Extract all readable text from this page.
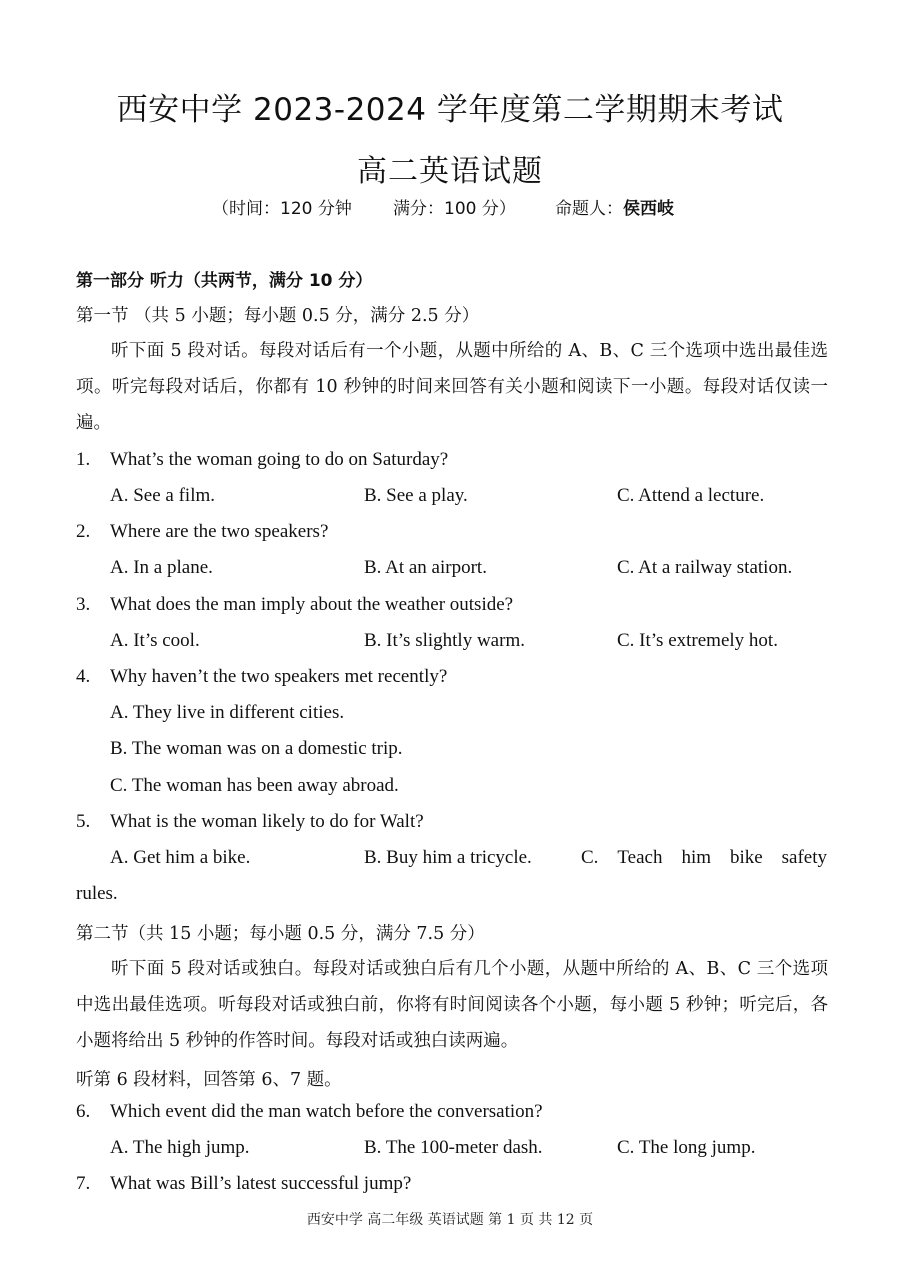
西安中学 2023-2024 学年度第二学期期末考试
高二英语试题
（时间：120 分钟 满分：100 分） 命题人：侯西岐
第一部分 听力（共两节，满分 10 分）
第一节 （共 5 小题；每小题 0.5 分，满分 2.5 分）
听下面 5 段对话。每段对话后有一个小题，从题中所给的 A、B、C 三个选项中选出最佳选项。听完每段对话后，你都有 10 秒钟的时间来回答有关小题和阅读下一小题。每段对话仅读一遍。
1. What’s the woman going to do on Saturday?
A. See a film.	B. See a play.	C. Attend a lecture.
2. Where are the two speakers?
A. In a plane.	B. At an airport.	C. At a railway station.
3. What does the man imply about the weather outside?
A. It’s cool.	B. It’s slightly warm.	C. It’s extremely hot.
4. Why haven’t the two speakers met recently?
A. They live in different cities.
B. The woman was on a domestic trip.
C. The woman has been away abroad.
5. What is the woman likely to do for Walt?
A. Get him a bike.	B. Buy him a tricycle.	C. Teach him bike safety
rules.
第二节（共 15 小题；每小题 0.5 分，满分 7.5 分）
听下面 5 段对话或独白。每段对话或独白后有几个小题，从题中所给的 A、B、C 三个选项中选出最佳选项。听每段对话或独白前，你将有时间阅读各个小题，每小题 5 秒钟；听完后，各小题将给出 5 秒钟的作答时间。每段对话或独白读两遍。
听第 6 段材料，回答第 6、7 题。
6. Which event did the man watch before the conversation?
A. The high jump.	B. The 100-meter dash.	C. The long jump.
7. What was Bill’s latest successful jump?
西安中学 高二年级 英语试题 第 1 页 共 12 页
